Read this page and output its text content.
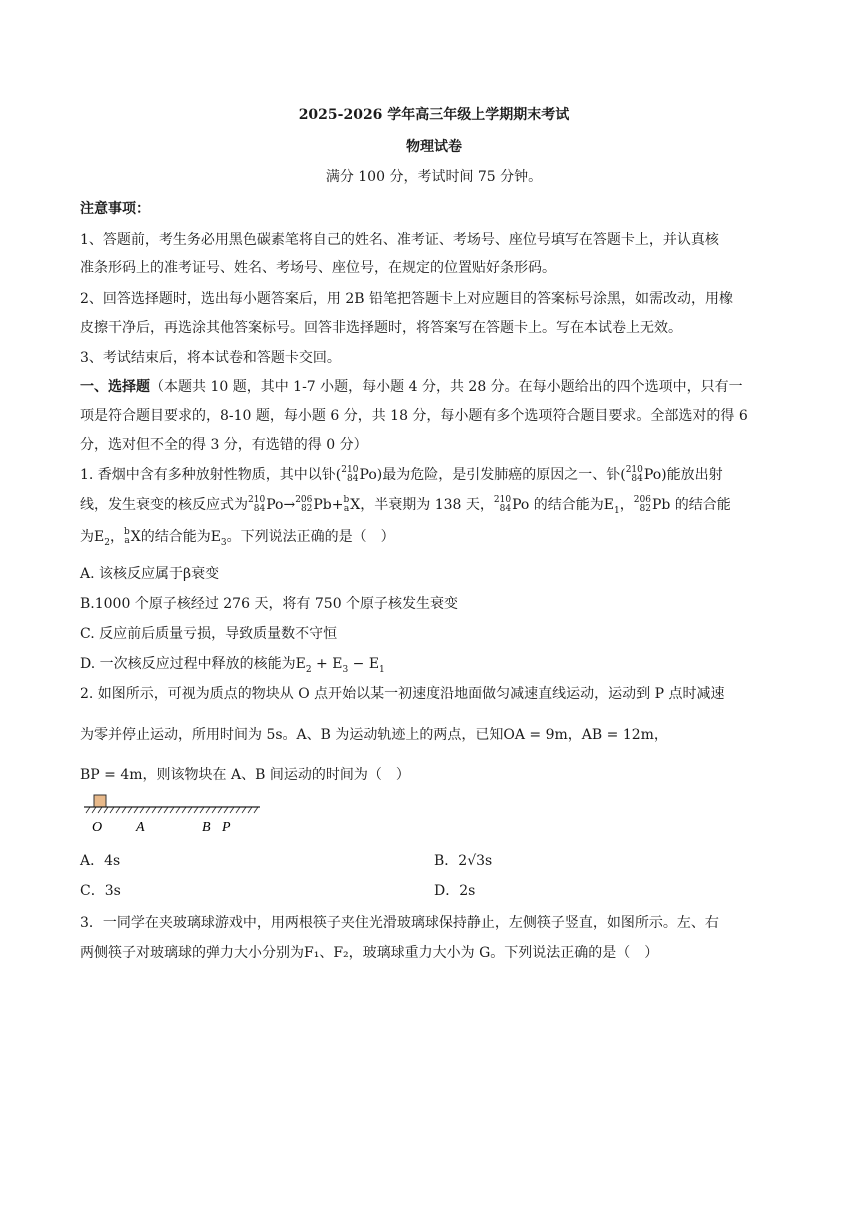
2025-2026 学年高三年级上学期期末考试
物理试卷
满分 100 分，考试时间 75 分钟。
注意事项：
1、答题前，考生务必用黑色碳素笔将自己的姓名、准考证、考场号、座位号填写在答题卡上，并认真核
准条形码上的准考证号、姓名、考场号、座位号，在规定的位置贴好条形码。
2、回答选择题时，选出每小题答案后，用 2B 铅笔把答题卡上对应题目的答案标号涂黑，如需改动，用橡
皮擦干净后，再选涂其他答案标号。回答非选择题时，将答案写在答题卡上。写在本试卷上无效。
3、考试结束后，将本试卷和答题卡交回。
一、选择题（本题共 10 题，其中 1-7 小题，每小题 4 分，共 28 分。在每小题给出的四个选项中，只有一
项是符合题目要求的，8-10 题，每小题 6 分，共 18 分，每小题有多个选项符合题目要求。全部选对的得 6
分，选对但不全的得 3 分，有选错的得 0 分）
1. 香烟中含有多种放射性物质，其中以钋( 210
84 Po)最为危险，是引发肺癌的原因之一、钋( 210
84 Po)能放出射
线，发生衰变的核反应式为 210
84 Po→ 206
82 Pb+ b
a X，半衰期为 138 天， 210
84 Po 的结合能为$E_1$， 206
82 Pb 的结合能
为$E_2$， b
a X的结合能为$E_3$。下列说法正确的是（　）
A. 该核反应属于β衰变
B.1000 个原子核经过 276 天，将有 750 个原子核发生衰变
C. 反应前后质量亏损，导致质量数不守恒
D. 一次核反应过程中释放的核能为$E_2 + E_3 - E_1$
2. 如图所示，可视为质点的物块从 O 点开始以某一初速度沿地面做匀减速直线运动，运动到 P 点时减速
为零并停止运动，所用时间为 5s。A、B 为运动轨迹上的两点，已知OA = 9m，AB = 12m，
BP = 4m，则该物块在 A、B 间运动的时间为（　）
O A	B P
A．4s	B．2√3s
C．3s	D．2s
3．一同学在夹玻璃球游戏中，用两根筷子夹住光滑玻璃球保持静止，左侧筷子竖直，如图所示。左、右
两侧筷子对玻璃球的弹力大小分别为F₁、F₂，玻璃球重力大小为 G。下列说法正确的是（　）
